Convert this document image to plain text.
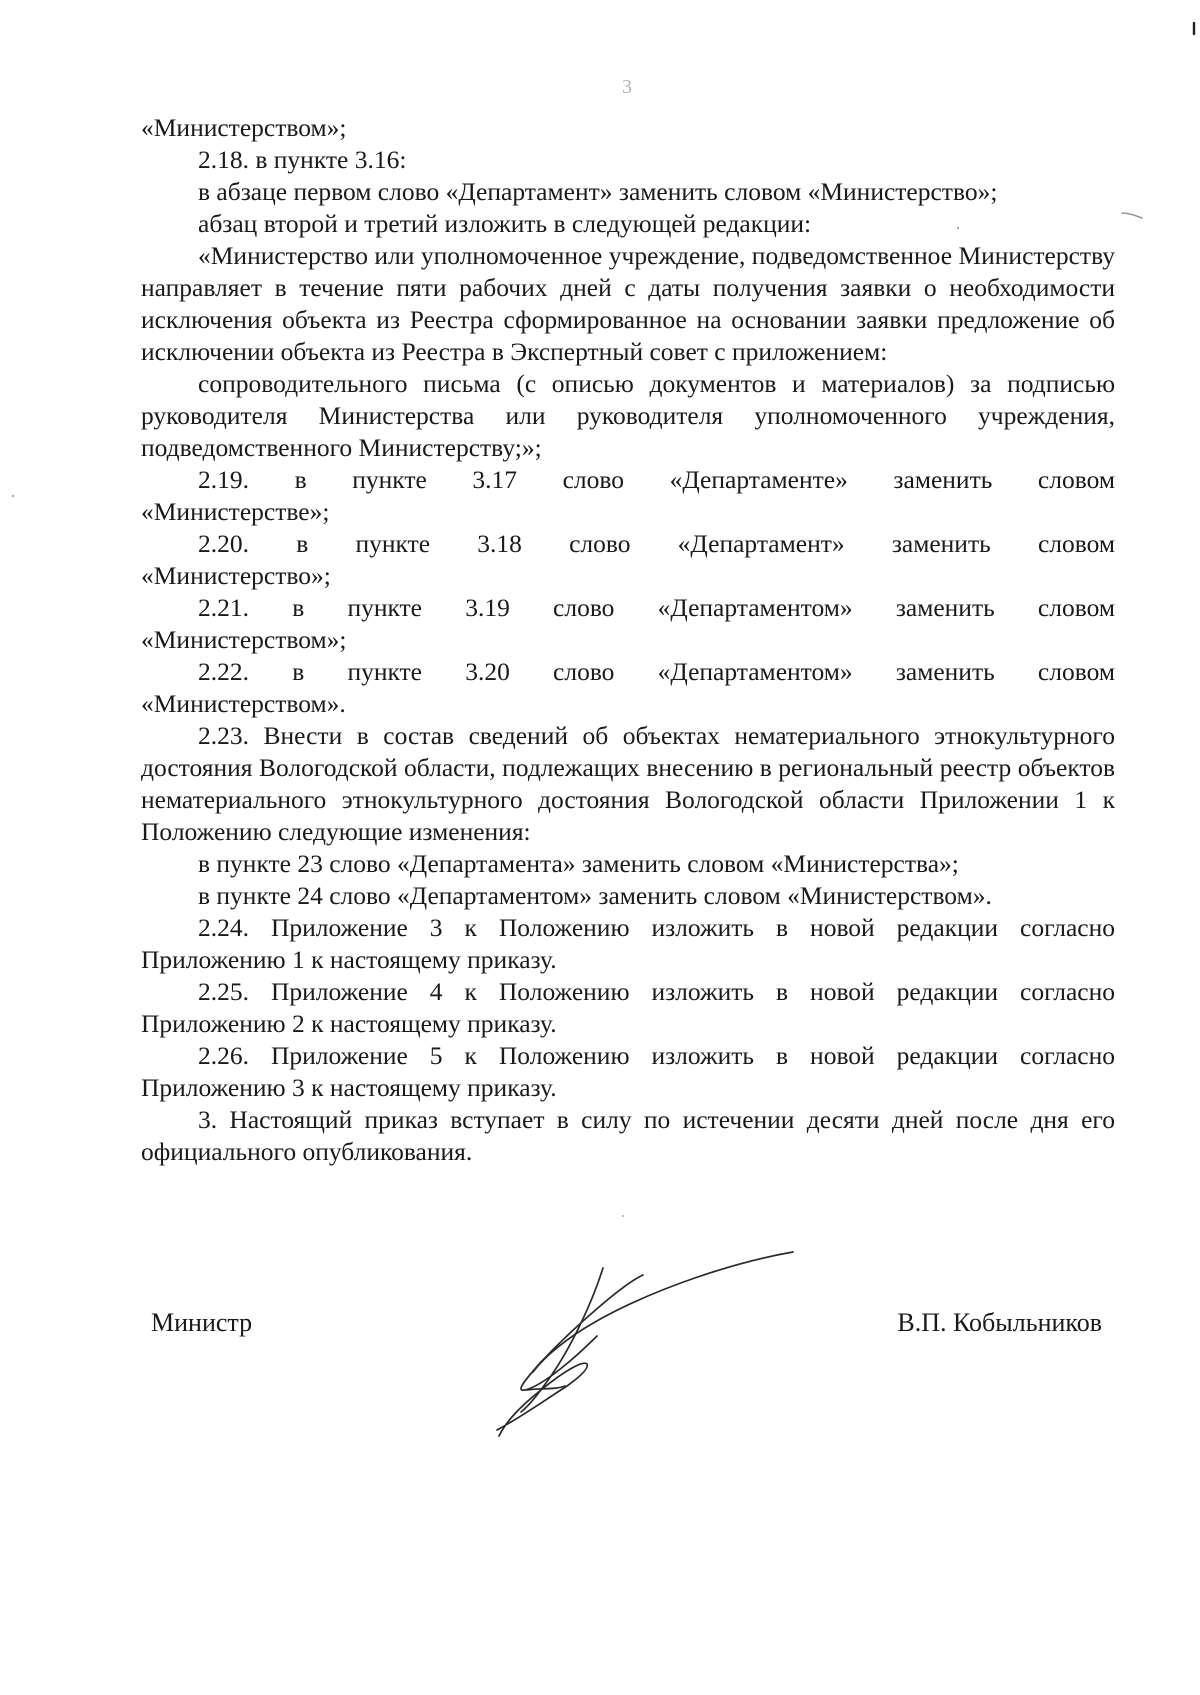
3

«Министерством»;

2.18. в пункте 3.16:

в абзаце первом слово «Департамент» заменить словом «Министерство»;

абзац второй и третий изложить в следующей редакции:

«Министерство или уполномоченное учреждение, подведомственное Министерству направляет в течение пяти рабочих дней с даты получения заявки о необходимости исключения объекта из Реестра сформированное на основании заявки предложение об исключении объекта из Реестра в Экспертный совет с приложением:

сопроводительного письма (с описью документов и материалов) за подписью руководителя Министерства или руководителя уполномоченного учреждения, подведомственного Министерству;»;

2.19. в пункте 3.17 слово «Департаменте» заменить словом «Министерстве»;

2.20. в пункте 3.18 слово «Департамент» заменить словом «Министерство»;

2.21. в пункте 3.19 слово «Департаментом» заменить словом «Министерством»;

2.22. в пункте 3.20 слово «Департаментом» заменить словом «Министерством».

2.23. Внести в состав сведений об объектах нематериального этнокультурного достояния Вологодской области, подлежащих внесению в региональный реестр объектов нематериального этнокультурного достояния Вологодской области Приложении 1 к Положению следующие изменения:

в пункте 23 слово «Департамента» заменить словом «Министерства»;

в пункте 24 слово «Департаментом» заменить словом «Министерством».

2.24. Приложение 3 к Положению изложить в новой редакции согласно Приложению 1 к настоящему приказу.

2.25. Приложение 4 к Положению изложить в новой редакции согласно Приложению 2 к настоящему приказу.

2.26. Приложение 5 к Положению изложить в новой редакции согласно Приложению 3 к настоящему приказу.

3. Настоящий приказ вступает в силу по истечении десяти дней после дня его официального опубликования.

Министр	В.П. Кобыльников
